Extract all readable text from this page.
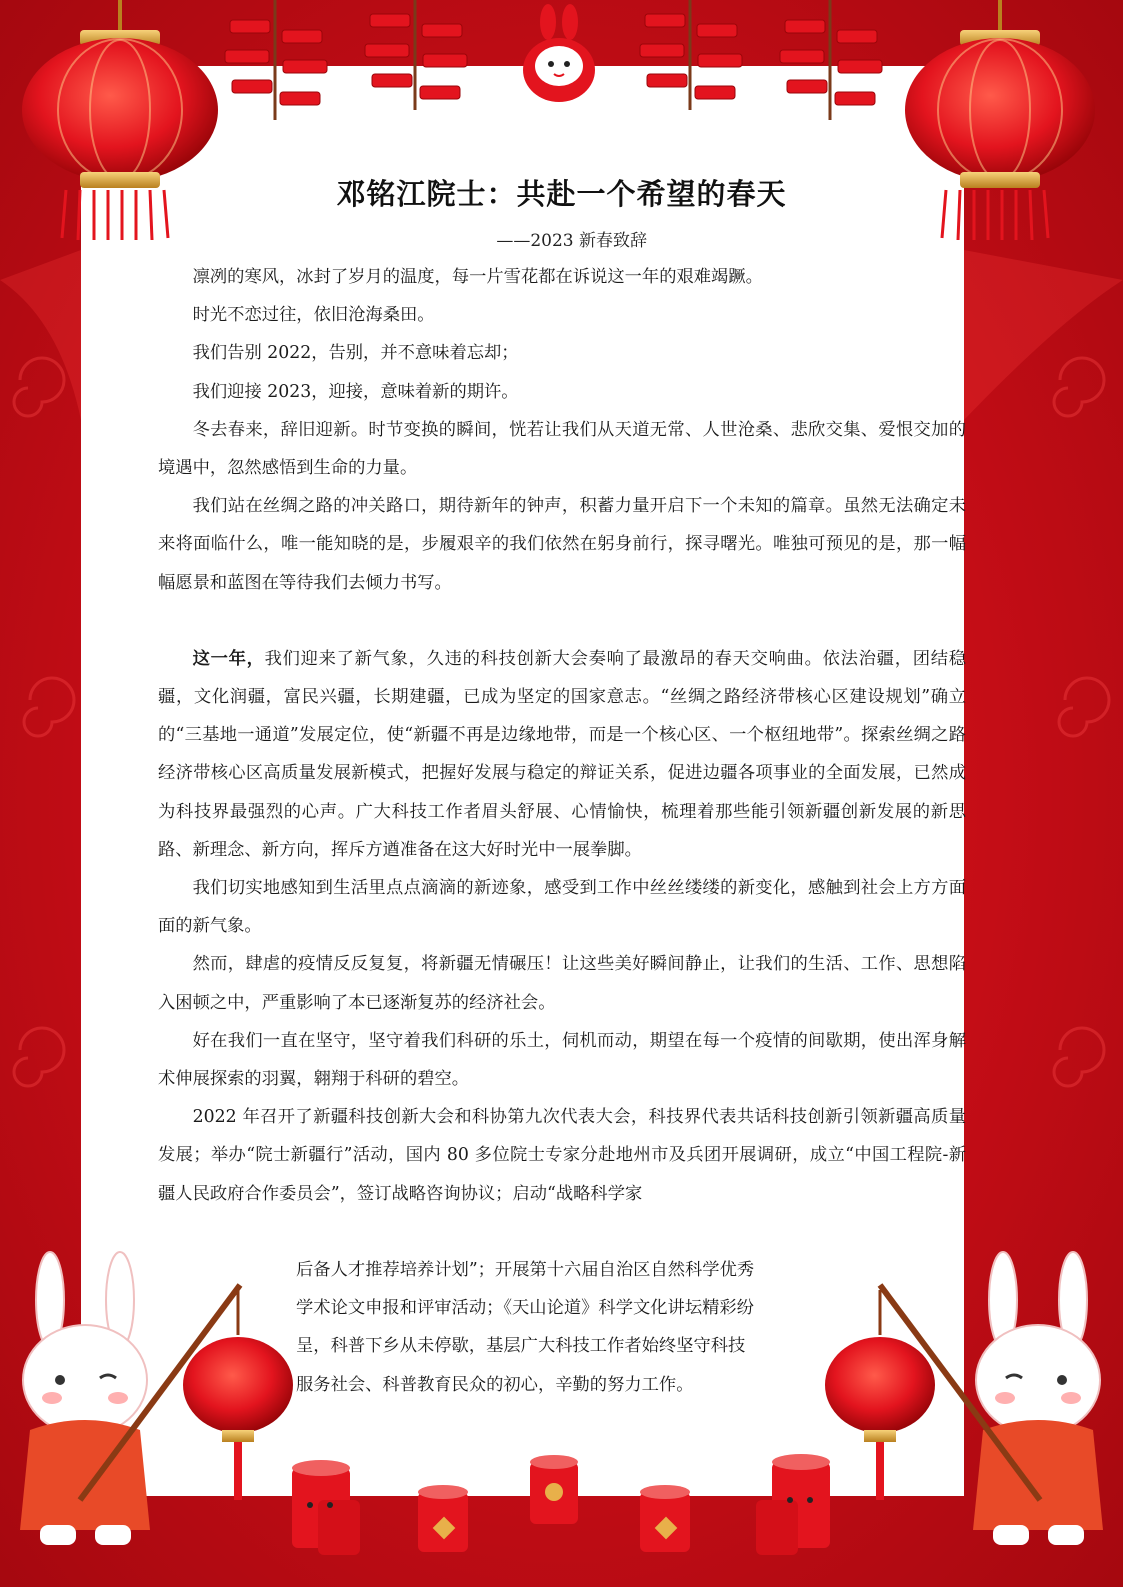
邓铭江院士：共赴一个希望的春天
——2023 新春致辞

凛冽的寒风，冰封了岁月的温度，每一片雪花都在诉说这一年的艰难竭蹶。

时光不恋过往，依旧沧海桑田。

我们告别 2022，告别，并不意味着忘却；

我们迎接 2023，迎接，意味着新的期许。

冬去春来，辞旧迎新。时节变换的瞬间，恍若让我们从天道无常、人世沧桑、悲欣交集、爱恨交加的境遇中，忽然感悟到生命的力量。

我们站在丝绸之路的冲关路口，期待新年的钟声，积蓄力量开启下一个未知的篇章。虽然无法确定未来将面临什么，唯一能知晓的是，步履艰辛的我们依然在躬身前行，探寻曙光。唯独可预见的是，那一幅幅愿景和蓝图在等待我们去倾力书写。

这一年，我们迎来了新气象，久违的科技创新大会奏响了最激昂的春天交响曲。依法治疆，团结稳疆，文化润疆，富民兴疆，长期建疆，已成为坚定的国家意志。“丝绸之路经济带核心区建设规划”确立的“三基地一通道”发展定位，使“新疆不再是边缘地带，而是一个核心区、一个枢纽地带”。探索丝绸之路经济带核心区高质量发展新模式，把握好发展与稳定的辩证关系，促进边疆各项事业的全面发展，已然成为科技界最强烈的心声。广大科技工作者眉头舒展、心情愉快，梳理着那些能引领新疆创新发展的新思路、新理念、新方向，挥斥方遒准备在这大好时光中一展拳脚。

我们切实地感知到生活里点点滴滴的新迹象，感受到工作中丝丝缕缕的新变化，感触到社会上方方面面的新气象。

然而，肆虐的疫情反反复复，将新疆无情碾压！让这些美好瞬间静止，让我们的生活、工作、思想陷入困顿之中，严重影响了本已逐渐复苏的经济社会。

好在我们一直在坚守，坚守着我们科研的乐土，伺机而动，期望在每一个疫情的间歇期，使出浑身解术伸展探索的羽翼，翱翔于科研的碧空。

2022 年召开了新疆科技创新大会和科协第九次代表大会，科技界代表共话科技创新引领新疆高质量发展；举办“院士新疆行”活动，国内 80 多位院士专家分赴地州市及兵团开展调研，成立“中国工程院-新疆人民政府合作委员会”，签订战略咨询协议；启动“战略科学家

后备人才推荐培养计划”；开展第十六届自治区自然科学优秀

学术论文申报和评审活动；《天山论道》科学文化讲坛精彩纷

呈，科普下乡从未停歇，基层广大科技工作者始终坚守科技

服务社会、科普教育民众的初心，辛勤的努力工作。
